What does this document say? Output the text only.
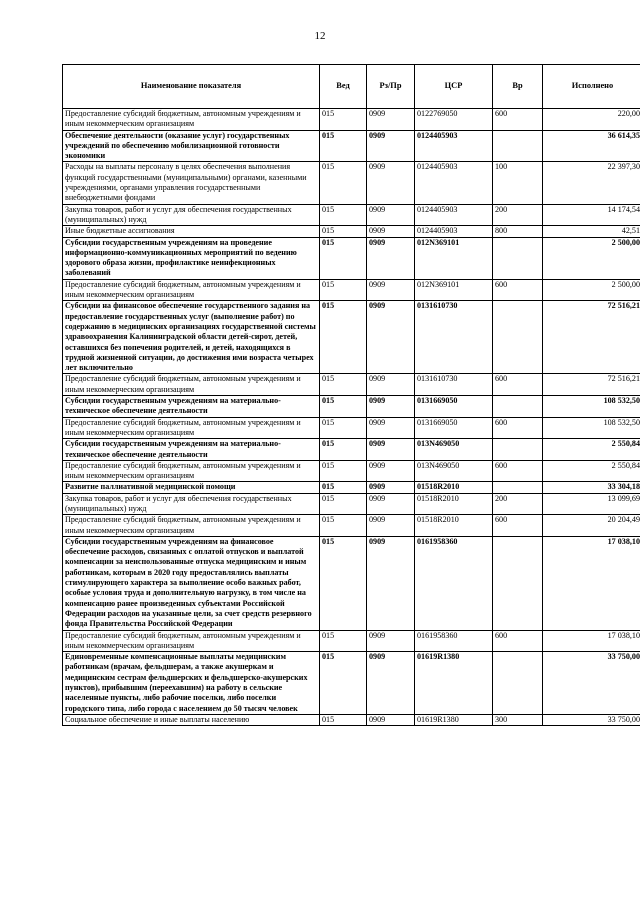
12
Наименование показателя	Вед	Рз/Пр	ЦСР	Вр	Исполнено
Предоставление субсидий бюджетным, автономным учреждениям и иным некоммерческим организациям	015	0909	0122769050	600	220,00
Обеспечение деятельности (оказание услуг) государственных учреждений по обеспечению мобилизационной готовности экономики	015	0909	0124405903		36 614,35
Расходы на выплаты персоналу в целях обеспечения выполнения функций государственными (муниципальными) органами, казенными учреждениями, органами управления государственными внебюджетными фондами	015	0909	0124405903	100	22 397,30
Закупка товаров, работ и услуг для обеспечения государственных (муниципальных) нужд	015	0909	0124405903	200	14 174,54
Иные бюджетные ассигнования	015	0909	0124405903	800	42,51
Субсидии государственным учреждениям на проведение информационно-коммуникационных мероприятий по ведению здорового образа жизни, профилактике неинфекционных заболеваний	015	0909	012N369101		2 500,00
Предоставление субсидий бюджетным, автономным учреждениям и иным некоммерческим организациям	015	0909	012N369101	600	2 500,00
Субсидии на финансовое обеспечение государственного задания на предоставление государственных услуг (выполнение работ) по содержанию в медицинских организациях государственной системы здравоохранения Калининградской области детей-сирот, детей, оставшихся без попечения родителей, и детей, находящихся в трудной жизненной ситуации, до достижения ими возраста четырех лет включительно	015	0909	0131610730		72 516,21
Предоставление субсидий бюджетным, автономным учреждениям и иным некоммерческим организациям	015	0909	0131610730	600	72 516,21
Субсидии государственным учреждениям на материально-техническое обеспечение деятельности	015	0909	0131669050		108 532,50
Предоставление субсидий бюджетным, автономным учреждениям и иным некоммерческим организациям	015	0909	0131669050	600	108 532,50
Субсидии государственным учреждениям на материально-техническое обеспечение деятельности	015	0909	013N469050		2 550,84
Предоставление субсидий бюджетным, автономным учреждениям и иным некоммерческим организациям	015	0909	013N469050	600	2 550,84
Развитие паллиативной медицинской помощи	015	0909	01518R2010		33 304,18
Закупка товаров, работ и услуг для обеспечения государственных (муниципальных) нужд	015	0909	01518R2010	200	13 099,69
Предоставление субсидий бюджетным, автономным учреждениям и иным некоммерческим организациям	015	0909	01518R2010	600	20 204,49
Субсидии государственным учреждениям на финансовое обеспечение расходов, связанных с оплатой отпусков и выплатой компенсации за неиспользованные отпуска медицинским и иным работникам, которым в 2020 году предоставлялись выплаты стимулирующего характера за выполнение особо важных работ, особые условия труда и дополнительную нагрузку, в том числе на компенсацию ранее произведенных субъектами Российской Федерации расходов на указанные цели, за счет средств резервного фонда Правительства Российской Федерации	015	0909	0161958360		17 038,10
Предоставление субсидий бюджетным, автономным учреждениям и иным некоммерческим организациям	015	0909	0161958360	600	17 038,10
Единовременные компенсационные выплаты медицинским работникам (врачам, фельдшерам, а также акушеркам и медицинским сестрам фельдшерских и фельдшерско-акушерских пунктов), прибывшим (переехавшим) на работу в сельские населенные пункты, либо рабочие поселки, либо поселки городского типа, либо города с населением до 50 тысяч человек	015	0909	01619R1380		33 750,00
Социальное обеспечение и иные выплаты населению	015	0909	01619R1380	300	33 750,00
